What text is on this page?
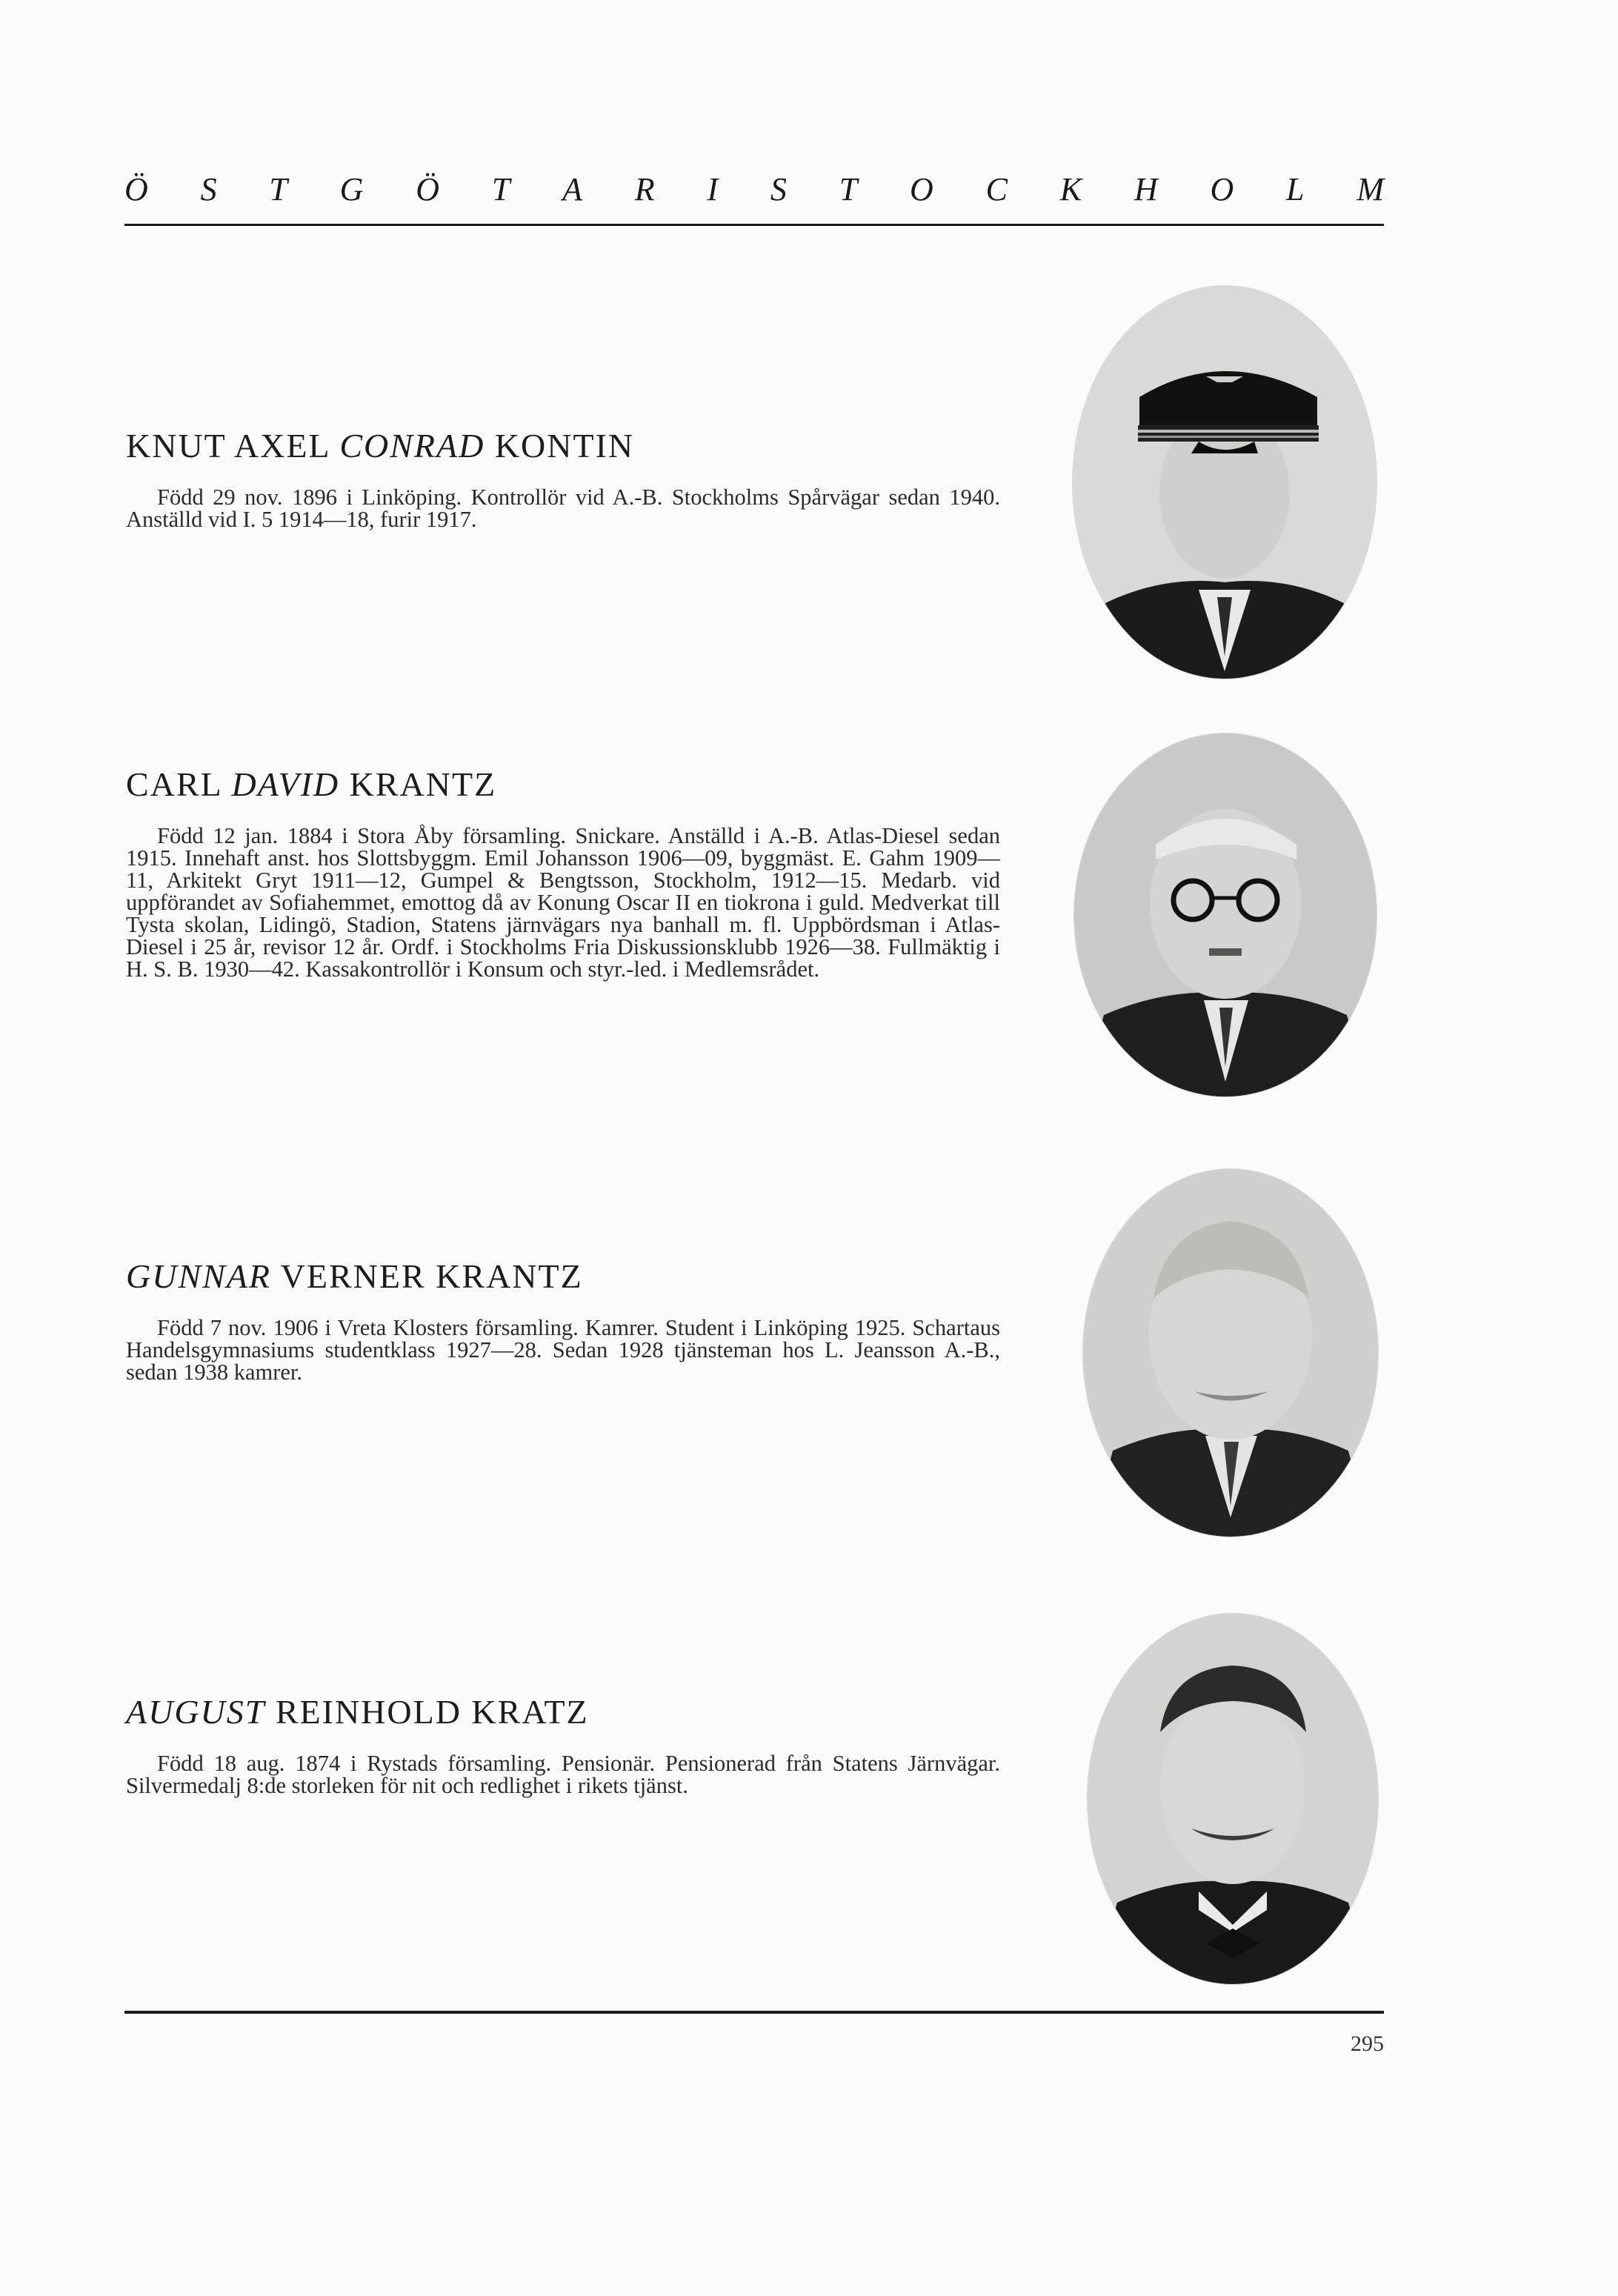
Ö S T G Ö T A R I S T O C K H O L M
KNUT AXEL CONRAD KONTIN

Född 29 nov. 1896 i Linköping. Kontrollör vid A.-B. Stockholms Spårvägar sedan 1940. Anställd vid I. 5 1914—18, furir 1917.

CARL DAVID KRANTZ

Född 12 jan. 1884 i Stora Åby församling. Snickare. Anställd i A.-B. Atlas-Diesel sedan 1915. Innehaft anst. hos Slottsbyggm. Emil Johansson 1906—09, byggmäst. E. Gahm 1909—11, Arkitekt Gryt 1911—12, Gumpel & Bengtsson, Stockholm, 1912—15. Medarb. vid uppförandet av Sofiahemmet, emottog då av Konung Oscar II en tiokrona i guld. Medverkat till Tysta skolan, Lidingö, Stadion, Statens järnvägars nya banhall m. fl. Uppbördsman i Atlas-Diesel i 25 år, revisor 12 år. Ordf. i Stockholms Fria Diskussionsklubb 1926—38. Fullmäktig i H. S. B. 1930—42. Kassakontrollör i Konsum och styr.-led. i Medlemsrådet.

GUNNAR VERNER KRANTZ

Född 7 nov. 1906 i Vreta Klosters församling. Kamrer. Student i Linköping 1925. Schartaus Handelsgymnasiums studentklass 1927—28. Sedan 1928 tjänsteman hos L. Jeansson A.-B., sedan 1938 kamrer.

AUGUST REINHOLD KRATZ

Född 18 aug. 1874 i Rystads församling. Pensionär. Pensionerad från Statens Järnvägar. Silvermedalj 8:de storleken för nit och redlighet i rikets tjänst.

295
